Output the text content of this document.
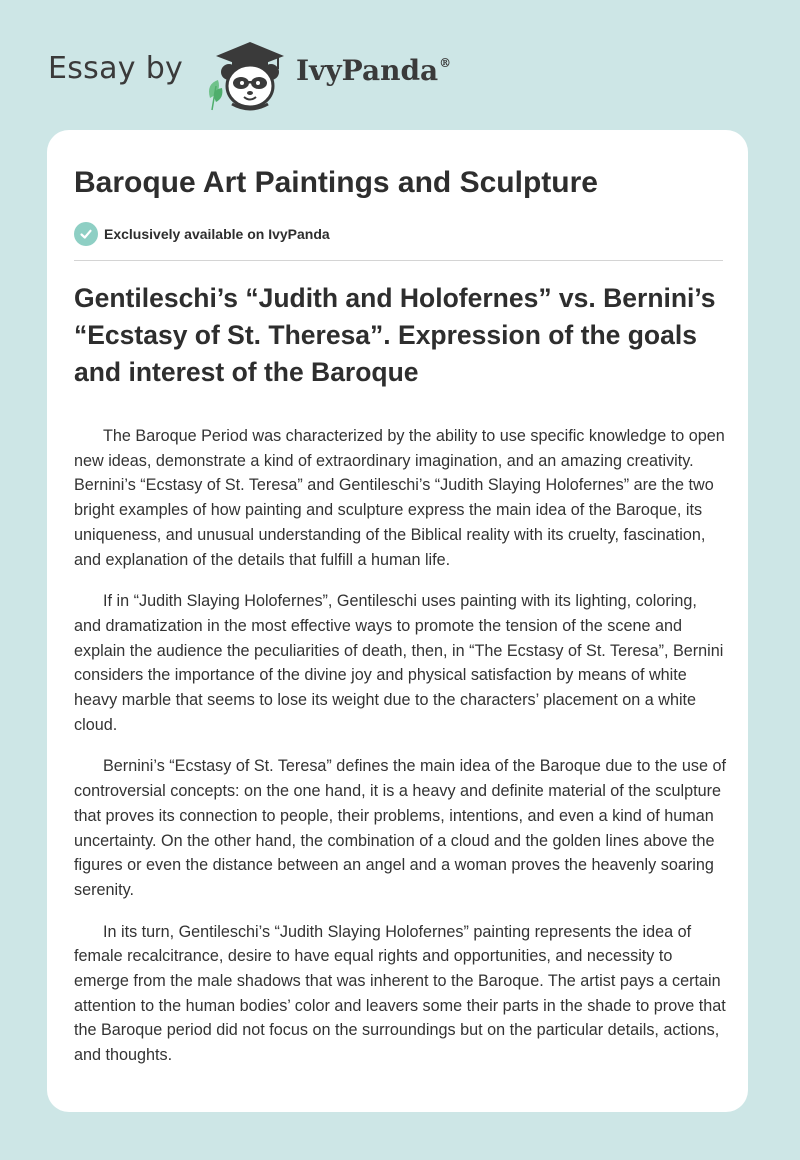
Essay by	IvyPanda®
Baroque Art Paintings and Sculpture
Exclusively available on IvyPanda
Gentileschi’s “Judith and Holofernes” vs. Bernini’s “Ecstasy of St. Theresa”. Expression of the goals and interest of the Baroque

The Baroque Period was characterized by the ability to use specific knowledge to open new ideas, demonstrate a kind of extraordinary imagination, and an amazing creativity. Bernini’s “Ecstasy of St. Teresa” and Gentileschi’s “Judith Slaying Holofernes” are the two bright examples of how painting and sculpture express the main idea of the Baroque, its uniqueness, and unusual understanding of the Biblical reality with its cruelty, fascination, and explanation of the details that fulfill a human life.

If in “Judith Slaying Holofernes”, Gentileschi uses painting with its lighting, coloring, and dramatization in the most effective ways to promote the tension of the scene and explain the audience the peculiarities of death, then, in “The Ecstasy of St. Teresa”, Bernini considers the importance of the divine joy and physical satisfaction by means of white heavy marble that seems to lose its weight due to the characters’ placement on a white cloud.

Bernini’s “Ecstasy of St. Teresa” defines the main idea of the Baroque due to the use of controversial concepts: on the one hand, it is a heavy and definite material of the sculpture that proves its connection to people, their problems, intentions, and even a kind of human uncertainty. On the other hand, the combination of a cloud and the golden lines above the figures or even the distance between an angel and a woman proves the heavenly soaring serenity.

In its turn, Gentileschi’s “Judith Slaying Holofernes” painting represents the idea of female recalcitrance, desire to have equal rights and opportunities, and necessity to emerge from the male shadows that was inherent to the Baroque. The artist pays a certain attention to the human bodies’ color and leavers some their parts in the shade to prove that the Baroque period did not focus on the surroundings but on the particular details, actions, and thoughts.
